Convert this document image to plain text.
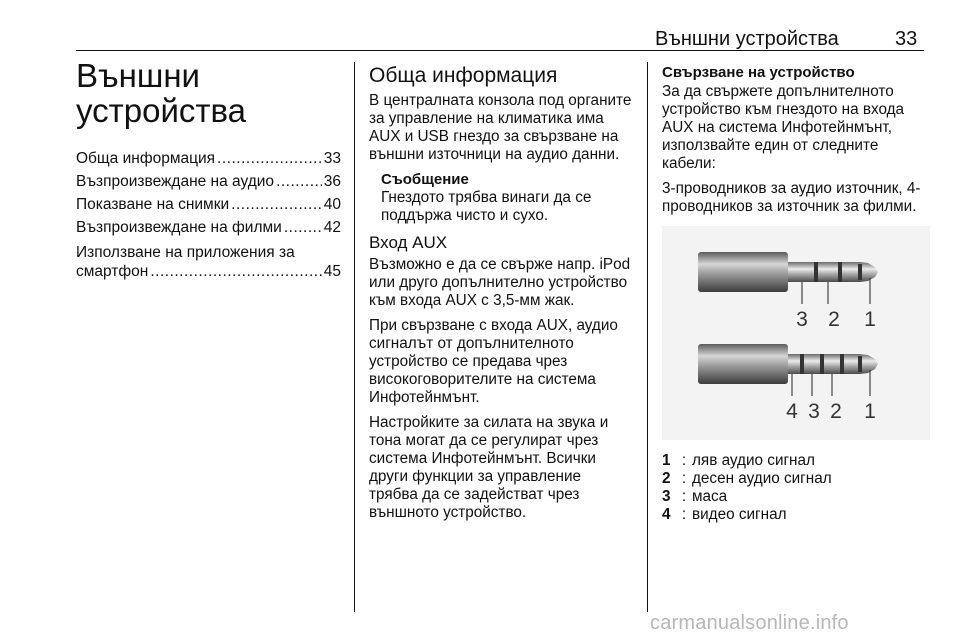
Външни устройства	33
Външни
устройства
Обща информация .....	33
Възпроизвеждане на аудио .....	36
Показване на снимки .....	40
Възпроизвеждане на филми .....	42
Използване на приложения за
смартфон .....	45
Обща информация

В централната конзола под органите за управление на климатика има AUX и USB гнездо за свързване на външни източници на аудио данни.

Съобщение
Гнездото трябва винаги да се поддържа чисто и сухо.
Вход AUX

Възможно е да се свърже напр. iPod или друго допълнително устройство към входа AUX с 3,5-мм жак.

При свързване с входа AUX, аудио сигналът от допълнителното устройство се предава чрез високоговорителите на система Инфотейнмънт.

Настройките за силата на звука и тона могат да се регулират чрез система Инфотейнмънт. Всички други функции за управление трябва да се задействат чрез външното устройство.

Свързване на устройство

За да свържете допълнителното устройство към гнездото на входа AUX на система Инфотейнмънт, използвайте един от следните кабели:

3-проводников за аудио източник, 4-проводников за източник за филми.

3 2 1
4 3 2 1
1 : ляв аудио сигнал
2 : десен аудио сигнал
3 : маса
4 : видео сигнал
carmanualsonline.info
